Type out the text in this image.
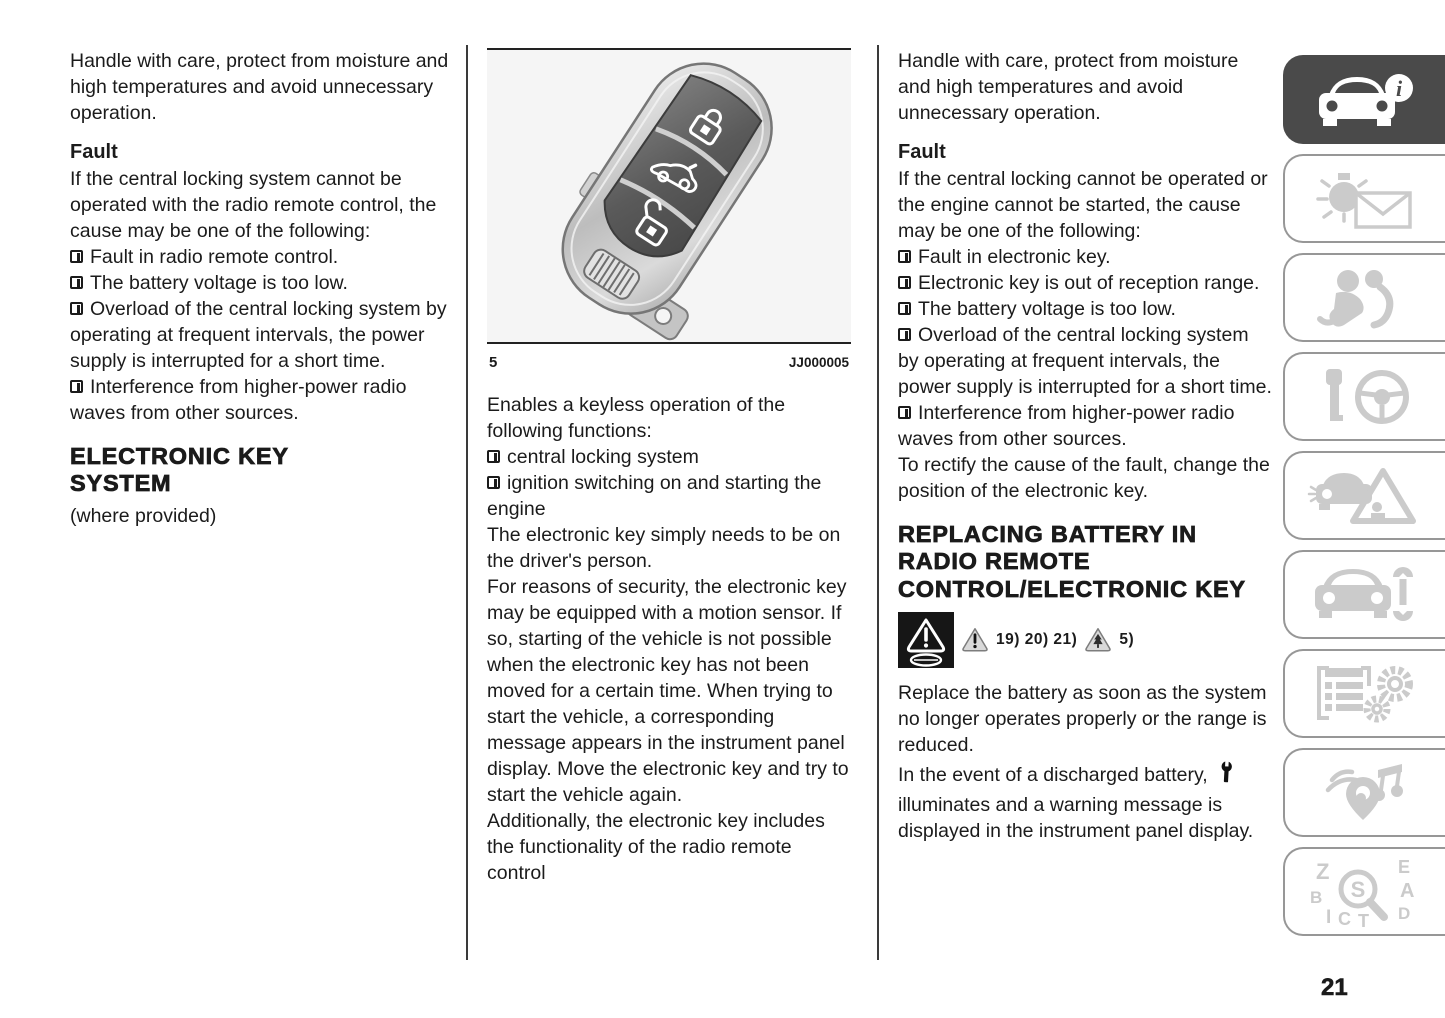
Handle with care, protect from moisture and high temperatures and avoid unnecessary operation.

Fault

If the central locking system cannot be operated with the radio remote control, the cause may be one of the following:

Fault in radio remote control.
The battery voltage is too low.
Overload of the central locking system by operating at frequent intervals, the power supply is interrupted for a short time.
Interference from higher-power radio waves from other sources.
ELECTRONIC KEY SYSTEM

(where provided)

5	JJ000005

Enables a keyless operation of the following functions:

central locking system
ignition switching on and starting the engine

The electronic key simply needs to be on the driver's person.

For reasons of security, the electronic key may be equipped with a motion sensor. If so, starting of the vehicle is not possible when the electronic key has not been moved for a certain time. When trying to start the vehicle, a corresponding message appears in the instrument panel display. Move the electronic key and try to start the vehicle again.

Additionally, the electronic key includes the functionality of the radio remote control

Handle with care, protect from moisture and high temperatures and avoid unnecessary operation.

Fault

If the central locking cannot be operated or the engine cannot be started, the cause may be one of the following:

Fault in electronic key.
Electronic key is out of reception range.
The battery voltage is too low.
Overload of the central locking system by operating at frequent intervals, the power supply is interrupted for a short time.
Interference from higher-power radio waves from other sources.

To rectify the cause of the fault, change the position of the electronic key.

REPLACING BATTERY IN RADIO REMOTE CONTROL/ELECTRONIC KEY
19) 20) 21)	5)

Replace the battery as soon as the system no longer operates properly or the range is reduced.

In the event of a discharged battery, illuminates and a warning message is displayed in the instrument panel display.

i
Z	E
B	A
I C	D
T
S
21
